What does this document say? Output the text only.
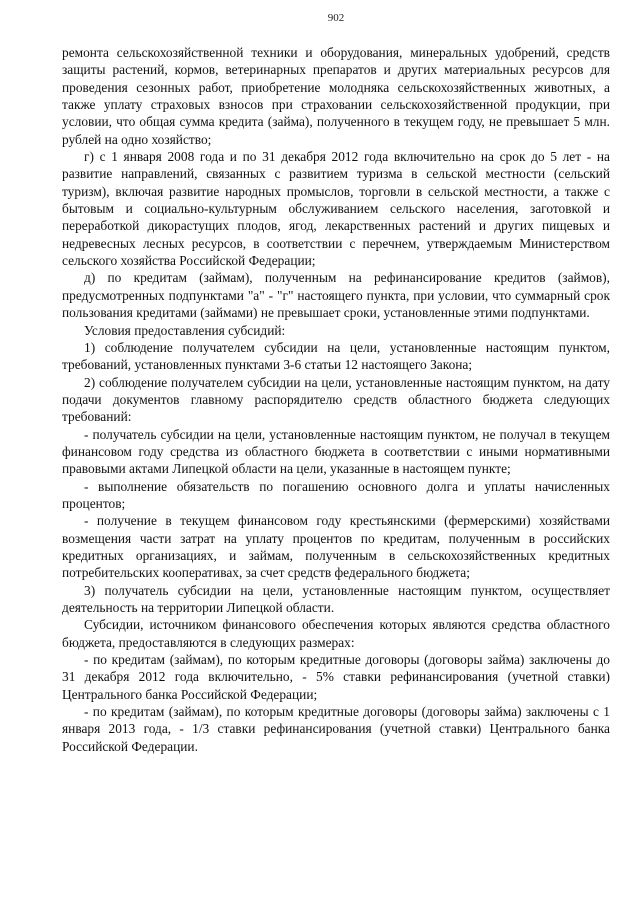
902

ремонта сельскохозяйственной техники и оборудования, минеральных удобрений, средств защиты растений, кормов, ветеринарных препаратов и других материальных ресурсов для проведения сезонных работ, приобретение молодняка сельскохозяйственных животных, а также уплату страховых взносов при страховании сельскохозяйственной продукции, при условии, что общая сумма кредита (займа), полученного в текущем году, не превышает 5 млн. рублей на одно хозяйство;

г) с 1 января 2008 года и по 31 декабря 2012 года включительно на срок до 5 лет - на развитие направлений, связанных с развитием туризма в сельской местности (сельский туризм), включая развитие народных промыслов, торговли в сельской местности, а также с бытовым и социально-культурным обслуживанием сельского населения, заготовкой и переработкой дикорастущих плодов, ягод, лекарственных растений и других пищевых и недревесных лесных ресурсов, в соответствии с перечнем, утверждаемым Министерством сельского хозяйства Российской Федерации;

д) по кредитам (займам), полученным на рефинансирование кредитов (займов), предусмотренных подпунктами "а" - "г" настоящего пункта, при условии, что суммарный срок пользования кредитами (займами) не превышает сроки, установленные этими подпунктами.

Условия предоставления субсидий:

1) соблюдение получателем субсидии на цели, установленные настоящим пунктом, требований, установленных пунктами 3-6 статьи 12 настоящего Закона;

2) соблюдение получателем субсидии на цели, установленные настоящим пунктом, на дату подачи документов главному распорядителю средств областного бюджета следующих требований:

- получатель субсидии на цели, установленные настоящим пунктом, не получал в текущем финансовом году средства из областного бюджета в соответствии с иными нормативными правовыми актами Липецкой области на цели, указанные в настоящем пункте;

- выполнение обязательств по погашению основного долга и уплаты начисленных процентов;

- получение в текущем финансовом году крестьянскими (фермерскими) хозяйствами возмещения части затрат на уплату процентов по кредитам, полученным в российских кредитных организациях, и займам, полученным в сельскохозяйственных кредитных потребительских кооперативах, за счет средств федерального бюджета;

3) получатель субсидии на цели, установленные настоящим пунктом, осуществляет деятельность на территории Липецкой области.

Субсидии, источником финансового обеспечения которых являются средства областного бюджета, предоставляются в следующих размерах:

- по кредитам (займам), по которым кредитные договоры (договоры займа) заключены до 31 декабря 2012 года включительно, - 5% ставки рефинансирования (учетной ставки) Центрального банка Российской Федерации;

- по кредитам (займам), по которым кредитные договоры (договоры займа) заключены с 1 января 2013 года, - 1/3 ставки рефинансирования (учетной ставки) Центрального банка Российской Федерации.
